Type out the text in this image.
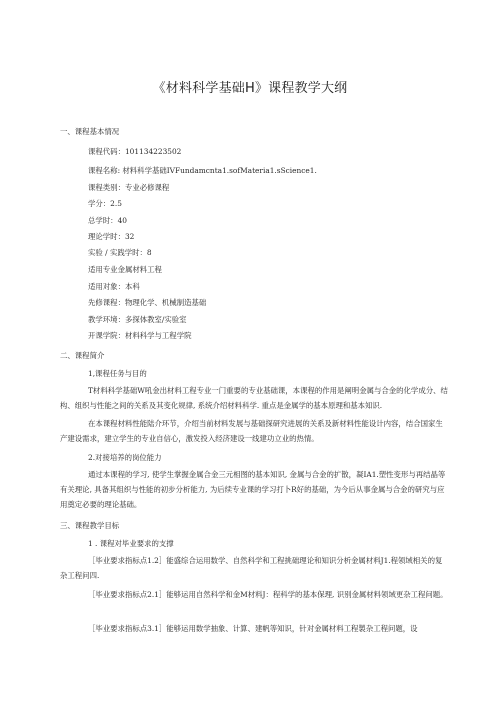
《材料科学基础H》课程教学大纲
一、课程基本情况
课程代码：101134223502
课程名称: 材料科学基础IVFundamcnta1.sofMateria1.sScience1.
课程类别：专业必修课程
学分：2.5
总学时：40
理论学时：32
实验 / 实践学时：8
适用专业金属材料工程
适用对象：本科
先修课程：物理化学、机械制造基础
教学环境：多探体教室/实验室
开课学院：材料科学与工程学院
二、课程简介
1,课程任务与目的
T材料科学基础W吼金出材料工程专业一门重要的专业基础课，本课程的作用是阐明金属与合金的化学成分、结构、组织与性能之间的关系及其变化规律, 系统介绍材料科学. 重点是金属学的基本原理和基本知识.
在本课程材料性能陆介环节，介绍当前材料发展与基础探研究进展的关系及新材料性能设计内容，结合国家生产建设需求，建立学生的专业自信心，激发投入经济建设一线建功立业的热情。
2.对接培养的岗位能力
通过本课程的学习, 使学生掌握金属合金三元相图的基本知识, 金属与合金的扩散，凝IA1.塑性变形与再结晶等有关理论, 具备其组织与性能的初步分析能力, 为后续专业课的学习打卜R好的基础，为今后从事金属与合金的研究与应用奠定必要的理论基础。
三、课程教学目标
1 . 课程对毕业要求的支撑
［毕业要求指标点1.2］能盛综合运用数学、自然科学和工程挑础理论和知识分析金属材料J1.程领域相关的复杂工程问四.
［毕业要求指标点2.1］能够运用自然科学和金M材料J：程科学的基本保理, 识别金属材料领域更杂工程问题。
［毕业要求指标点3.1］能够运用数学抽象、计算、建帆等知识，针对金属材料工程製杂工程问题，设
